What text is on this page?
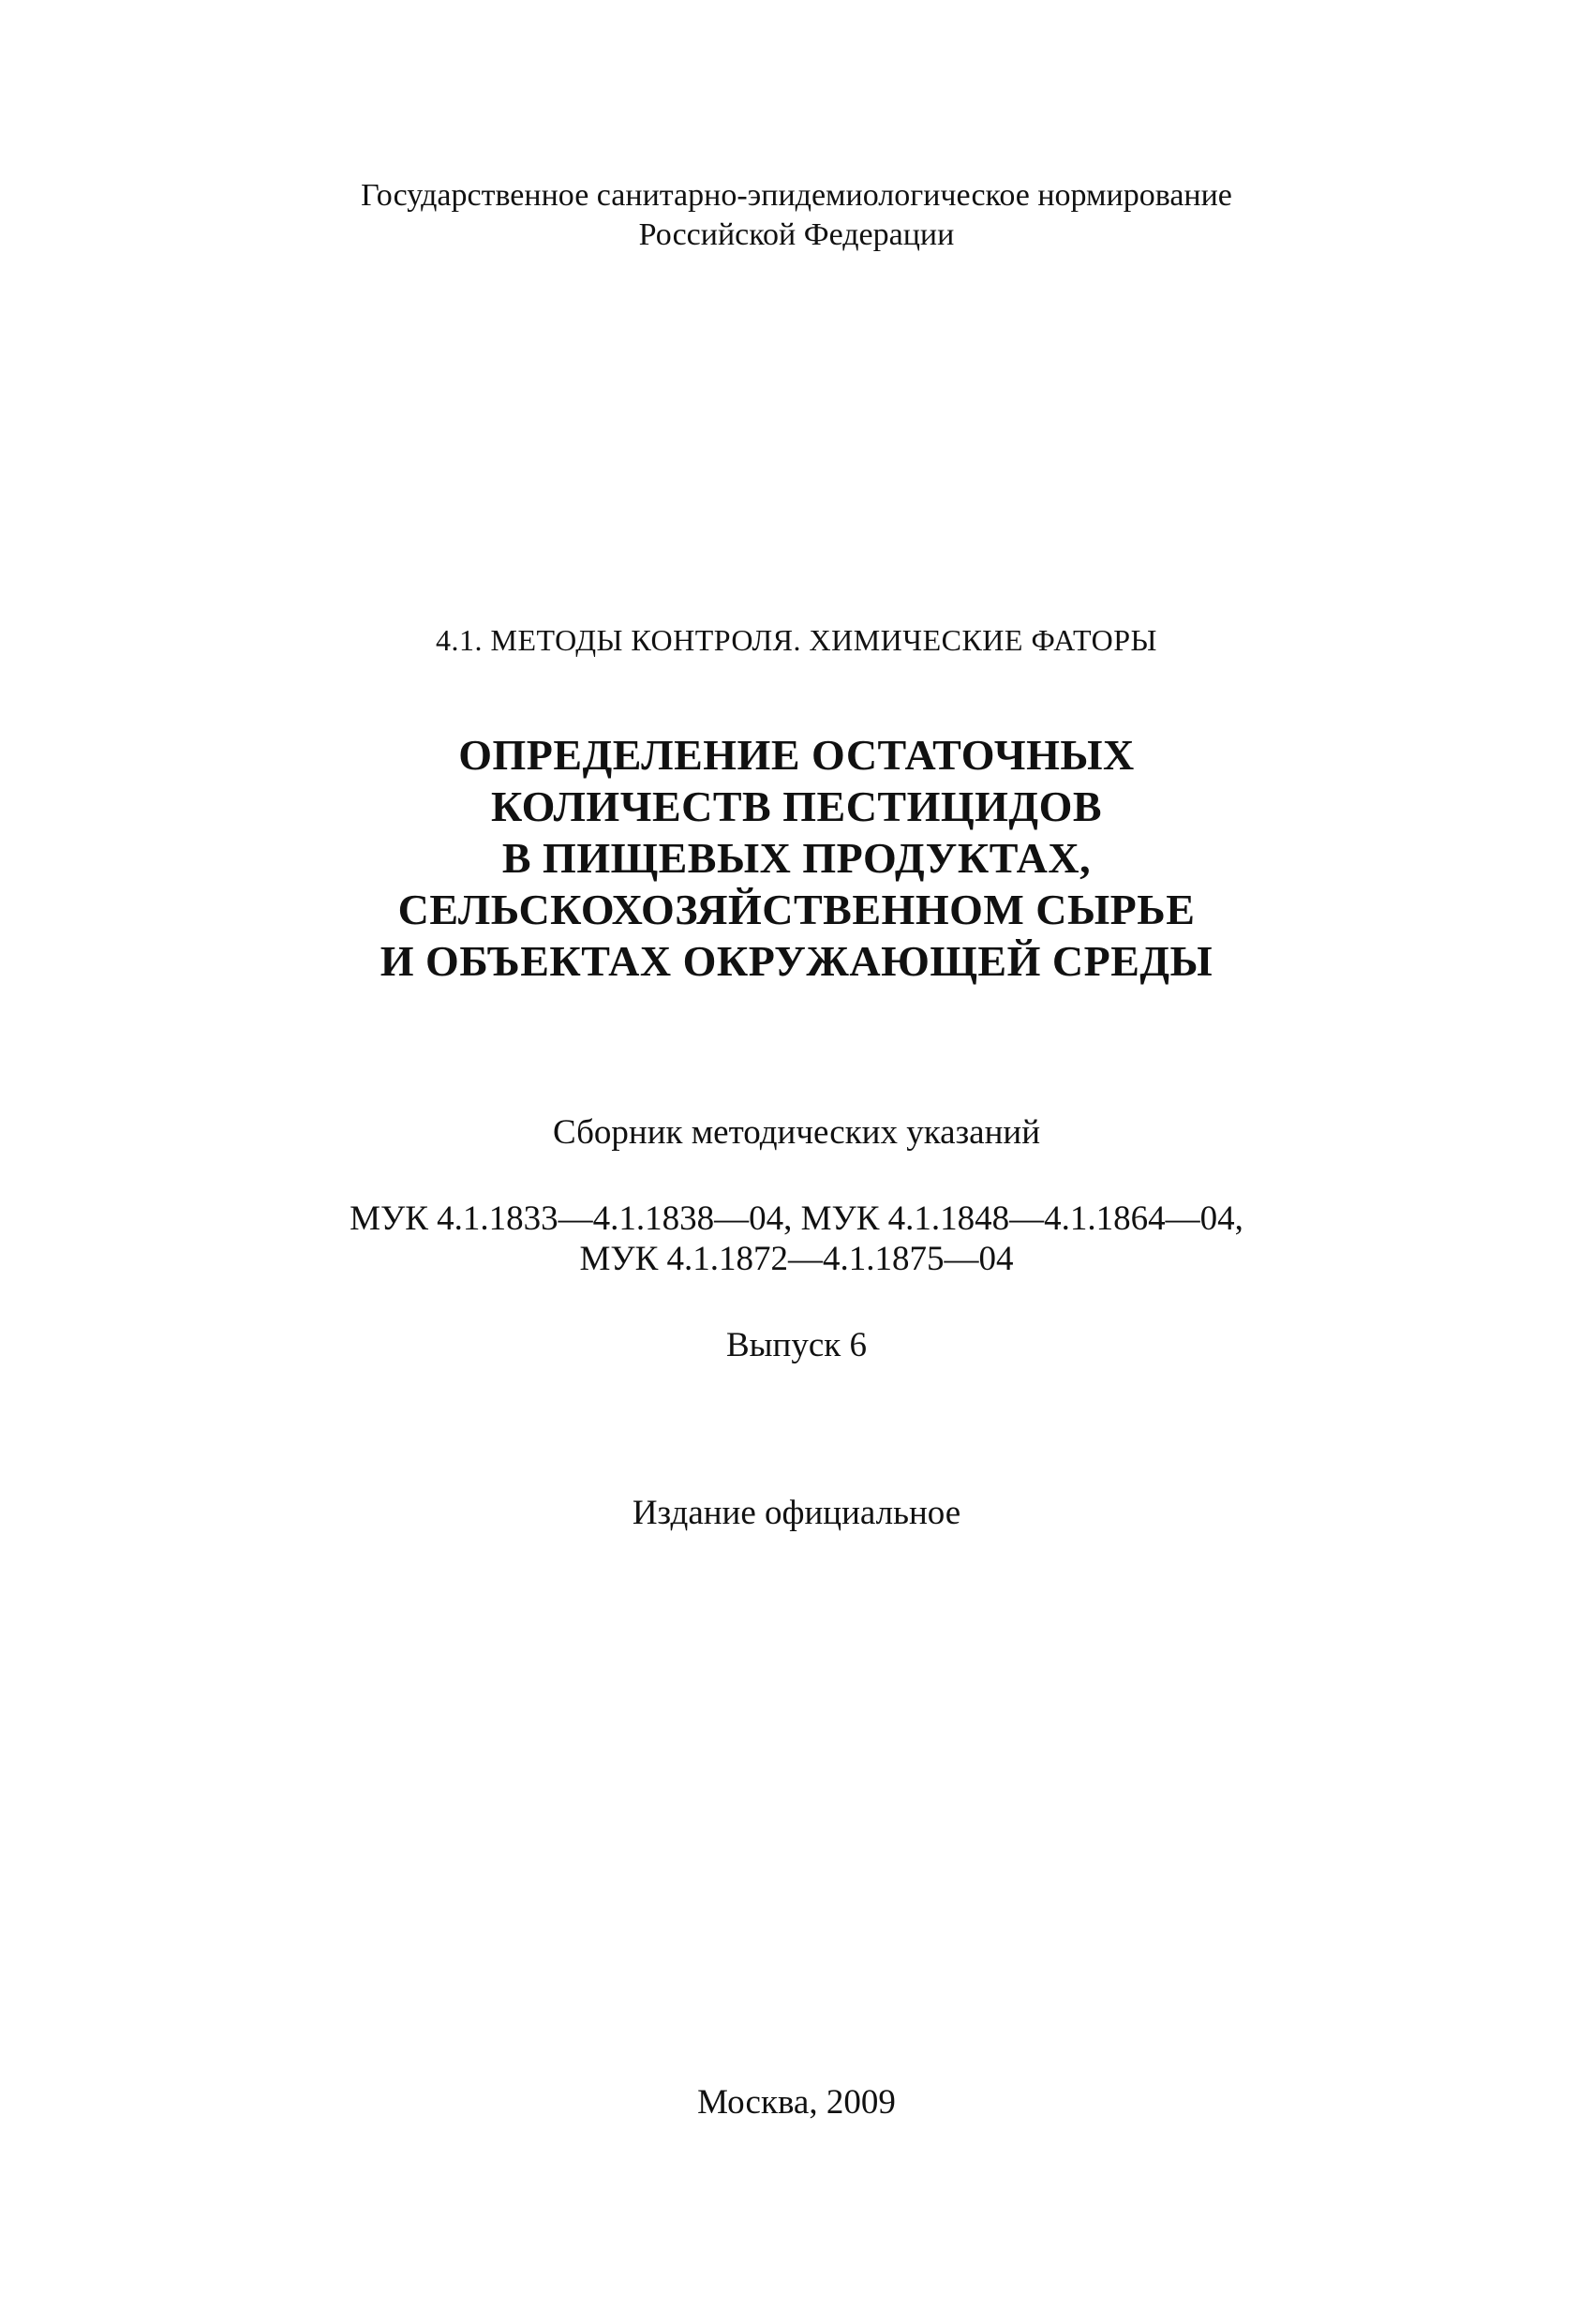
Государственное санитарно-эпидемиологическое нормирование
Российской Федерации
4.1. МЕТОДЫ КОНТРОЛЯ. ХИМИЧЕСКИЕ ФАТОРЫ
ОПРЕДЕЛЕНИЕ ОСТАТОЧНЫХ
КОЛИЧЕСТВ ПЕСТИЦИДОВ
В ПИЩЕВЫХ ПРОДУКТАХ,
СЕЛЬСКОХОЗЯЙСТВЕННОМ СЫРЬЕ
И ОБЪЕКТАХ ОКРУЖАЮЩЕЙ СРЕДЫ
Сборник методических указаний
МУК 4.1.1833—4.1.1838—04, МУК 4.1.1848—4.1.1864—04,
МУК 4.1.1872—4.1.1875—04
Выпуск 6
Издание официальное
Москва, 2009
